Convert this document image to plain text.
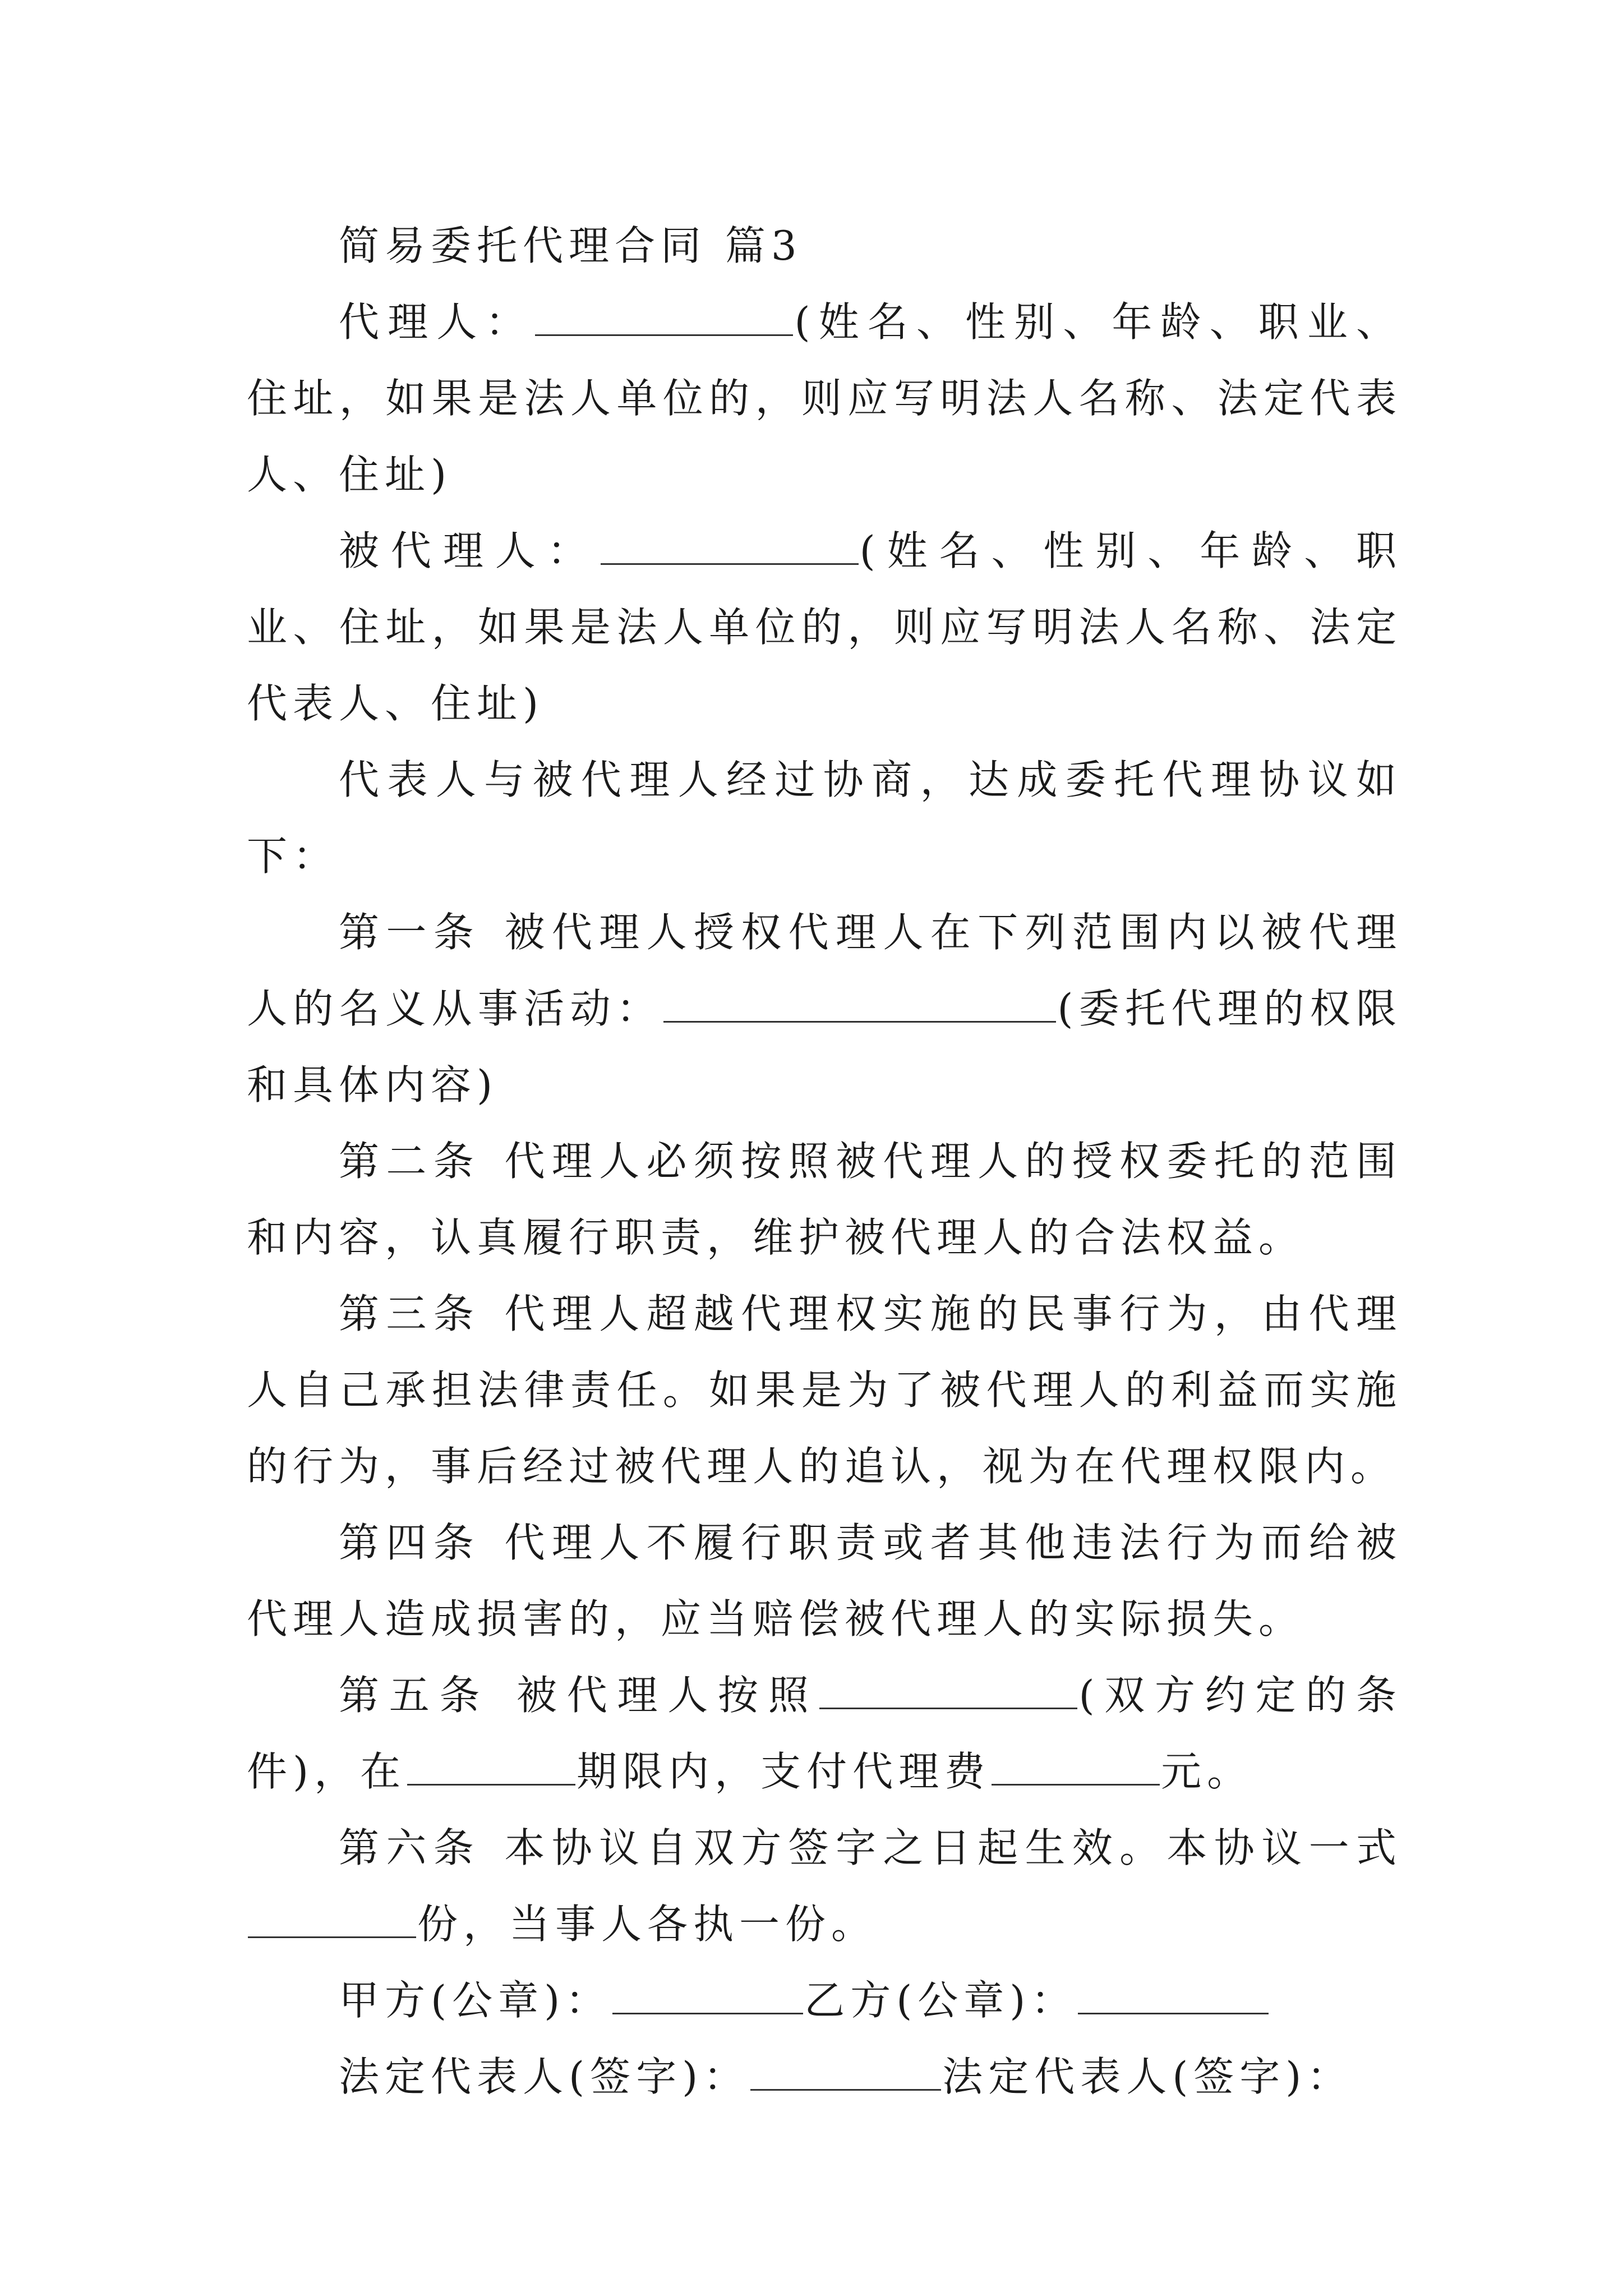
简易委托代理合同 篇3

代理人：	(姓名、性别、年龄、职业、住址，如果是法人单位的，则应写明法人名称、法定代表人、住址)

被代理人：	(姓名、性别、年龄、职业、住址，如果是法人单位的，则应写明法人名称、法定代表人、住址)

代表人与被代理人经过协商，达成委托代理协议如下：

第一条 被代理人授权代理人在下列范围内以被代理人的名义从事活动：	(委托代理的权限和具体内容)

第二条 代理人必须按照被代理人的授权委托的范围和内容，认真履行职责，维护被代理人的合法权益。

第三条 代理人超越代理权实施的民事行为，由代理人自己承担法律责任。如果是为了被代理人的利益而实施的行为，事后经过被代理人的追认，视为在代理权限内。

第四条 代理人不履行职责或者其他违法行为而给被代理人造成损害的，应当赔偿被代理人的实际损失。

第五条 被代理人按照	(双方约定的条件)，在	期限内，支付代理费	元。

第六条 本协议自双方签字之日起生效。本协议一式份，当事人各执一份。

甲方(公章)：	乙方(公章)：

法定代表人(签字)：	法定代表人(签字)：
